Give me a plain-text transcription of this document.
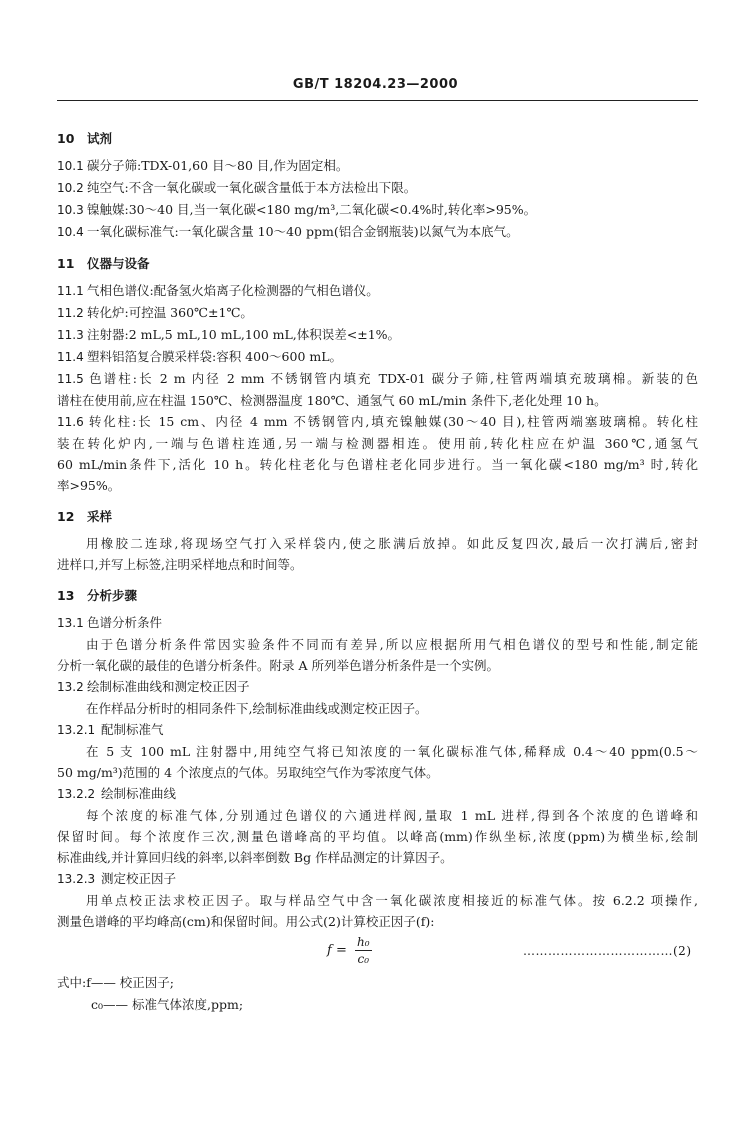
GB/T 18204.23—2000
10 试剂
10.1 碳分子筛:TDX-01,60 目～80 目,作为固定相。
10.2 纯空气:不含一氧化碳或一氧化碳含量低于本方法检出下限。
10.3 镍触媒:30～40 目,当一氧化碳<180 mg/m³,二氧化碳<0.4%时,转化率>95%。
10.4 一氧化碳标准气:一氧化碳含量 10～40 ppm(铝合金钢瓶装)以氮气为本底气。
11 仪器与设备
11.1 气相色谱仪:配备氢火焰离子化检测器的气相色谱仪。
11.2 转化炉:可控温 360℃±1℃。
11.3 注射器:2 mL,5 mL,10 mL,100 mL,体积误差<±1%。
11.4 塑料铝箔复合膜采样袋:容积 400～600 mL。
11.5 色谱柱:长 2 m 内径 2 mm 不锈钢管内填充 TDX-01 碳分子筛,柱管两端填充玻璃棉。新装的色
谱柱在使用前,应在柱温 150℃、检测器温度 180℃、通氢气 60 mL/min 条件下,老化处理 10 h。
11.6 转化柱:长 15 cm、内径 4 mm 不锈钢管内,填充镍触媒(30～40 目),柱管两端塞玻璃棉。转化柱
装在转化炉内,一端与色谱柱连通,另一端与检测器相连。使用前,转化柱应在炉温 360℃,通氢气
60 mL/min条件下,活化 10 h。转化柱老化与色谱柱老化同步进行。当一氧化碳<180 mg/m³ 时,转化
率>95%。
12 采样
用橡胶二连球,将现场空气打入采样袋内,使之胀满后放掉。如此反复四次,最后一次打满后,密封
进样口,并写上标签,注明采样地点和时间等。
13 分析步骤
13.1 色谱分析条件
由于色谱分析条件常因实验条件不同而有差异,所以应根据所用气相色谱仪的型号和性能,制定能
分析一氧化碳的最佳的色谱分析条件。附录 A 所列举色谱分析条件是一个实例。
13.2 绘制标准曲线和测定校正因子
在作样品分析时的相同条件下,绘制标准曲线或测定校正因子。
13.2.1 配制标准气
在 5 支 100 mL 注射器中,用纯空气将已知浓度的一氧化碳标准气体,稀释成 0.4～40 ppm(0.5～
50 mg/m³)范围的 4 个浓度点的气体。另取纯空气作为零浓度气体。
13.2.2 绘制标准曲线
每个浓度的标准气体,分别通过色谱仪的六通进样阀,量取 1 mL 进样,得到各个浓度的色谱峰和
保留时间。每个浓度作三次,测量色谱峰高的平均值。以峰高(mm)作纵坐标,浓度(ppm)为横坐标,绘制
标准曲线,并计算回归线的斜率,以斜率倒数 Bg 作样品测定的计算因子。
13.2.3 测定校正因子
用单点校正法求校正因子。取与样品空气中含一氧化碳浓度相接近的标准气体。按 6.2.2 项操作,
测量色谱峰的平均峰高(cm)和保留时间。用公式(2)计算校正因子(f):
$f = \frac{\text{h₀}}{\text{c₀}}$	………………………………(2)
式中:f—— 校正因子;
c₀—— 标准气体浓度,ppm;
